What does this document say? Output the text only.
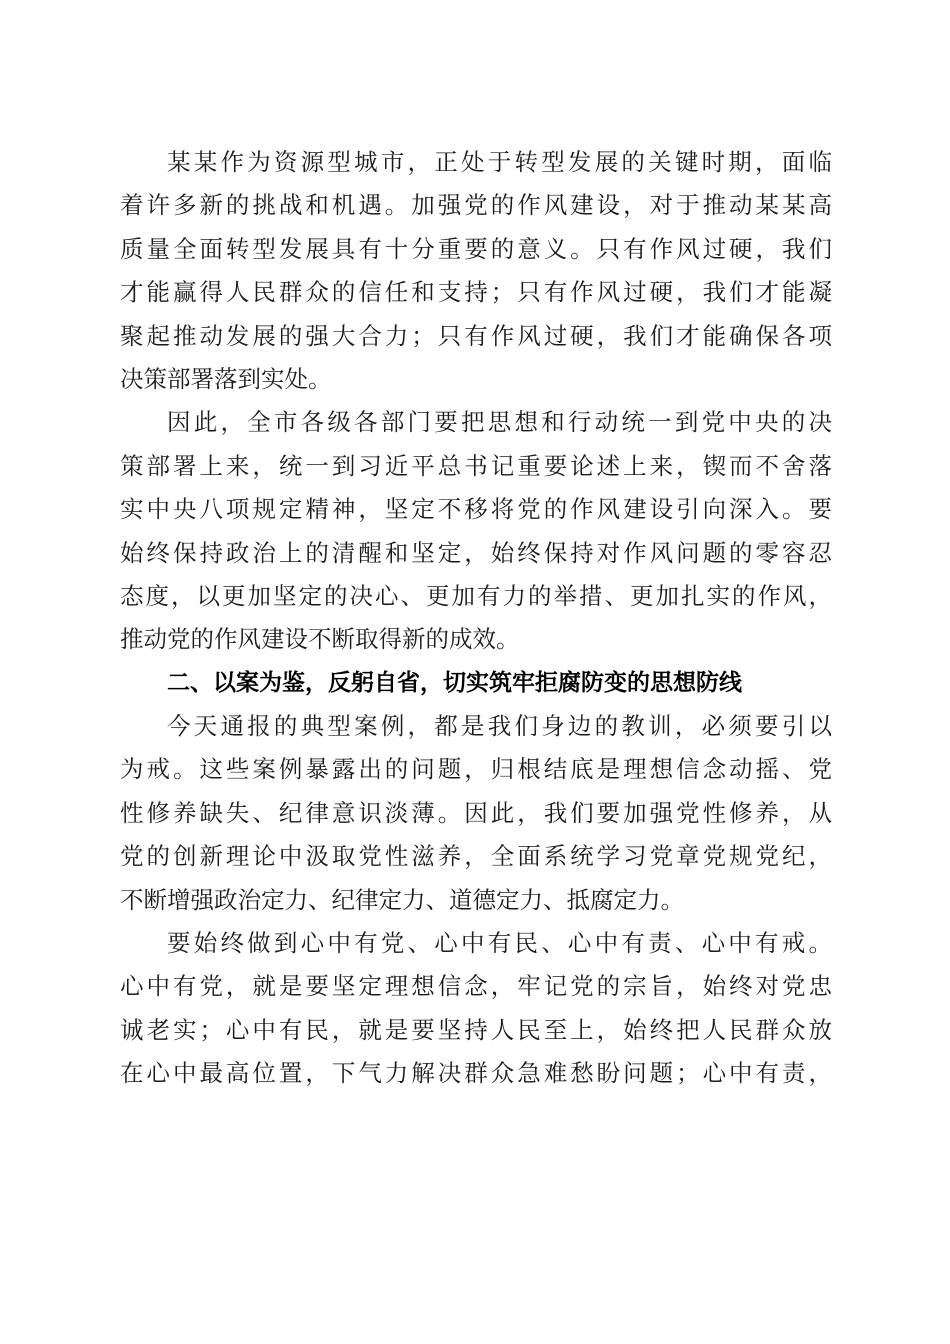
某某作为资源型城市，正处于转型发展的关键时期，面临
着许多新的挑战和机遇。加强党的作风建设，对于推动某某高
质量全面转型发展具有十分重要的意义。只有作风过硬，我们
才能赢得人民群众的信任和支持；只有作风过硬，我们才能凝
聚起推动发展的强大合力；只有作风过硬，我们才能确保各项
决策部署落到实处。
因此，全市各级各部门要把思想和行动统一到党中央的决
策部署上来，统一到习近平总书记重要论述上来，锲而不舍落
实中央八项规定精神，坚定不移将党的作风建设引向深入。要
始终保持政治上的清醒和坚定，始终保持对作风问题的零容忍
态度，以更加坚定的决心、更加有力的举措、更加扎实的作风，
推动党的作风建设不断取得新的成效。
二、以案为鉴，反躬自省，切实筑牢拒腐防变的思想防线
今天通报的典型案例，都是我们身边的教训，必须要引以
为戒。这些案例暴露出的问题，归根结底是理想信念动摇、党
性修养缺失、纪律意识淡薄。因此，我们要加强党性修养，从
党的创新理论中汲取党性滋养，全面系统学习党章党规党纪，
不断增强政治定力、纪律定力、道德定力、抵腐定力。
要始终做到心中有党、心中有民、心中有责、心中有戒。
心中有党，就是要坚定理想信念，牢记党的宗旨，始终对党忠
诚老实；心中有民，就是要坚持人民至上，始终把人民群众放
在心中最高位置，下气力解决群众急难愁盼问题；心中有责，
